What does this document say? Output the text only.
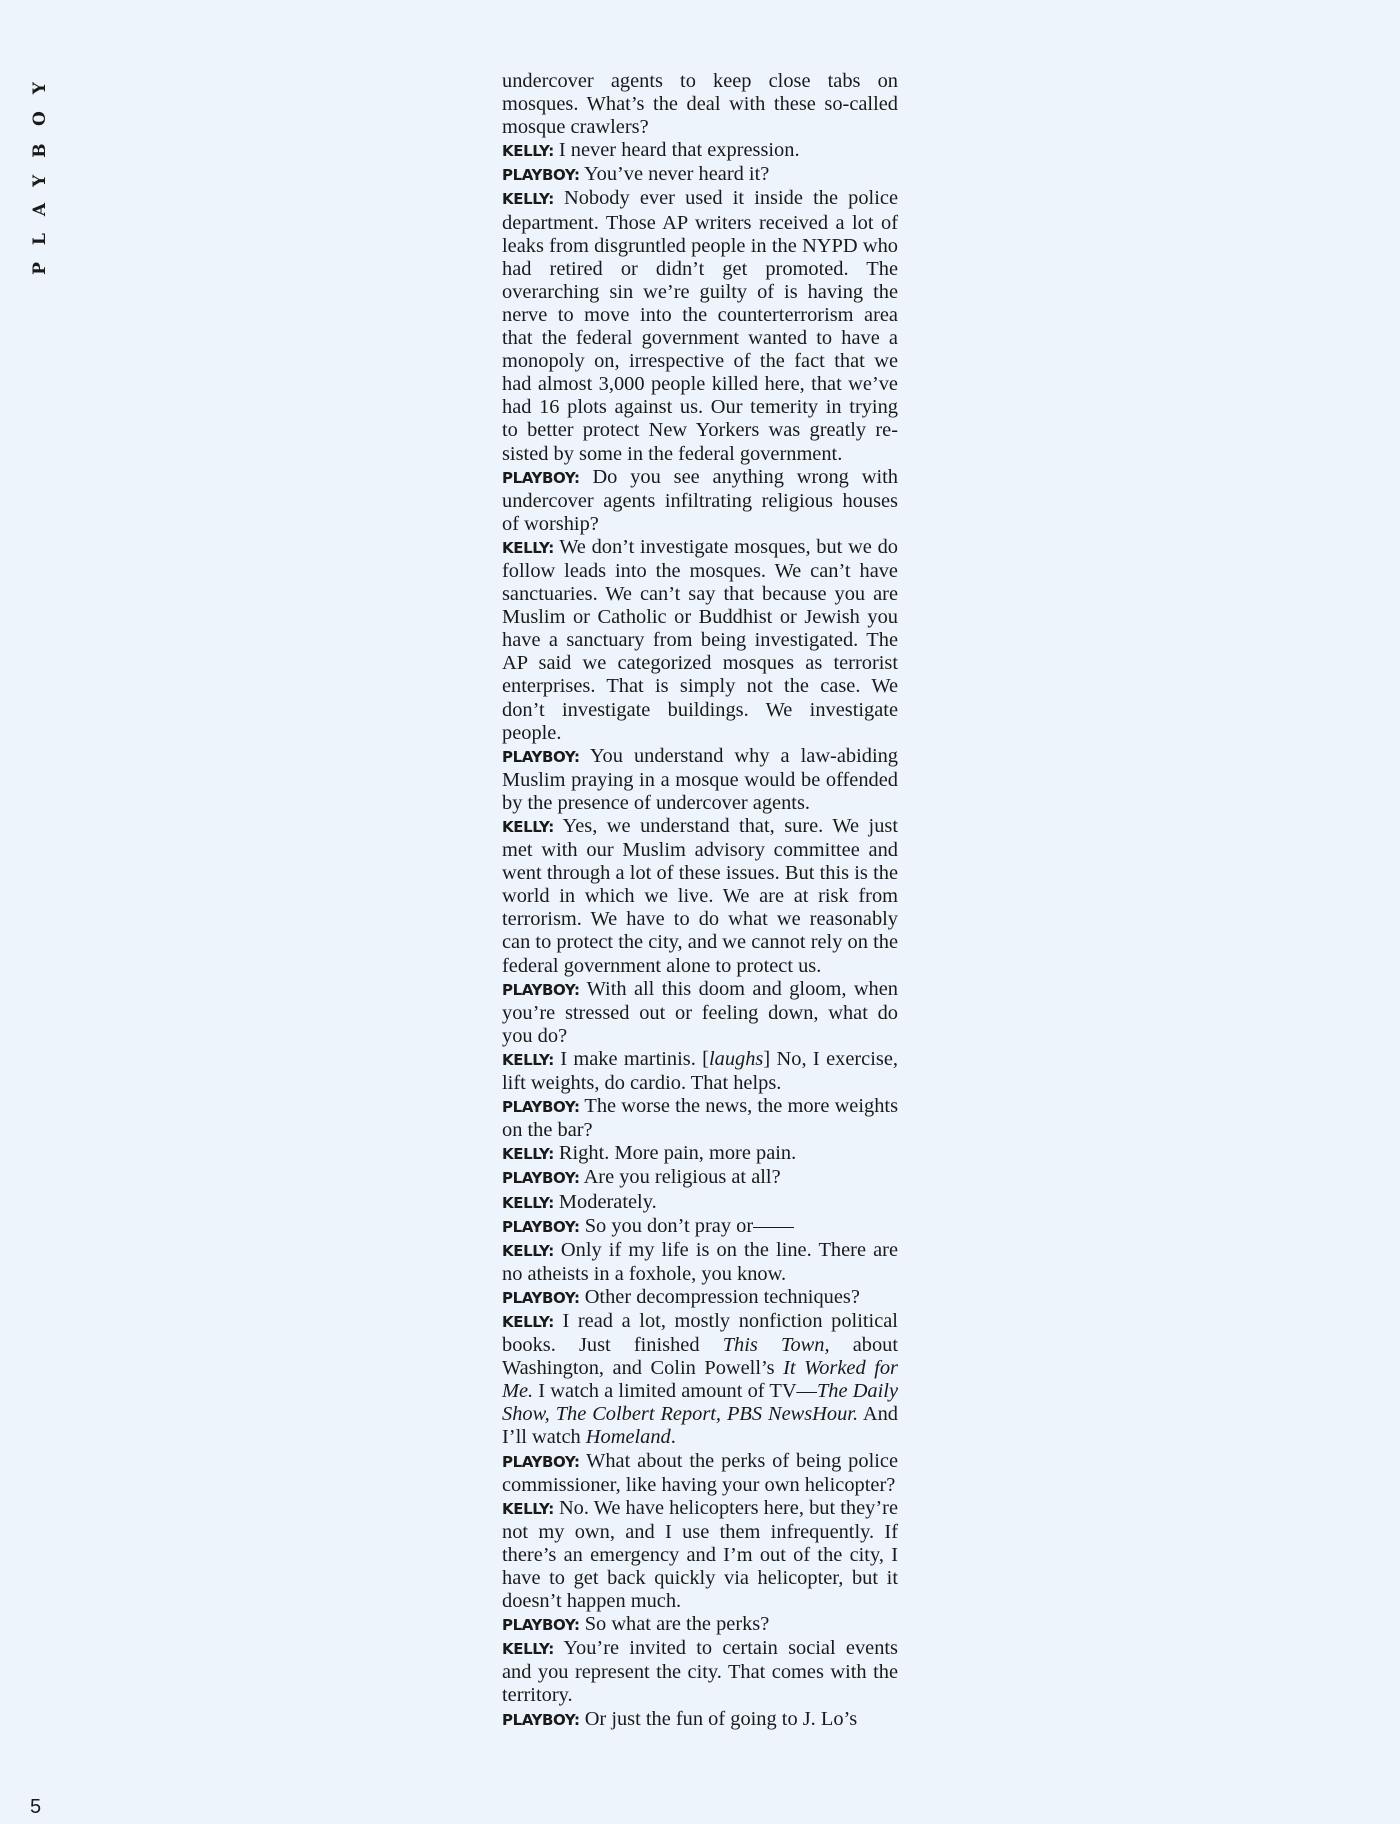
PLAYBOY	undercover agents to keep close tabs on mosques. What’s the deal with these so-called mosque crawlers?

KELLY: I never heard that expression.

PLAYBOY: You’ve never heard it?

KELLY: Nobody ever used it inside the police department. Those AP writers received a lot of leaks from disgruntled people in the NYPD who had retired or didn’t get promoted. The overarching sin we’re guilty of is having the nerve to move into the counterterrorism area that the federal government wanted to have a monopoly on, irrespective of the fact that we had almost 3,000 people killed here, that we’ve had 16 plots against us. Our temerity in trying to better protect New Yorkers was greatly resisted by some in the federal government.

PLAYBOY: Do you see anything wrong with undercover agents infiltrating religious houses of worship?

KELLY: We don’t investigate mosques, but we do follow leads into the mosques. We can’t have sanctuaries. We can’t say that because you are Muslim or Catholic or Buddhist or Jewish you have a sanctuary from being investigated. The AP said we categorized mosques as terrorist enterprises. That is simply not the case. We don’t investigate buildings. We investigate people.

PLAYBOY: You understand why a law-abiding Muslim praying in a mosque would be offended by the presence of undercover agents.

KELLY: Yes, we understand that, sure. We just met with our Muslim advisory committee and went through a lot of these issues. But this is the world in which we live. We are at risk from terrorism. We have to do what we reasonably can to protect the city, and we cannot rely on the federal government alone to protect us.

PLAYBOY: With all this doom and gloom, when you’re stressed out or feeling down, what do you do?

KELLY: I make martinis. [laughs] No, I exercise, lift weights, do cardio. That helps.

PLAYBOY: The worse the news, the more weights on the bar?

KELLY: Right. More pain, more pain.

PLAYBOY: Are you religious at all?

KELLY: Moderately.

PLAYBOY: So you don’t pray or——

KELLY: Only if my life is on the line. There are no atheists in a foxhole, you know.

PLAYBOY: Other decompression techniques?

KELLY: I read a lot, mostly nonfiction political books. Just finished This Town, about Washington, and Colin Powell’s It Worked for Me. I watch a limited amount of TV—The Daily Show, The Colbert Report, PBS NewsHour. And I’ll watch Homeland.

PLAYBOY: What about the perks of being police commissioner, like having your own helicopter?

KELLY: No. We have helicopters here, but they’re not my own, and I use them infrequently. If there’s an emergency and I’m out of the city, I have to get back quickly via helicopter, but it doesn’t happen much.

PLAYBOY: So what are the perks?

KELLY: You’re invited to certain social events and you represent the city. That comes with the territory.

PLAYBOY: Or just the fun of going to J. Lo’s

5
